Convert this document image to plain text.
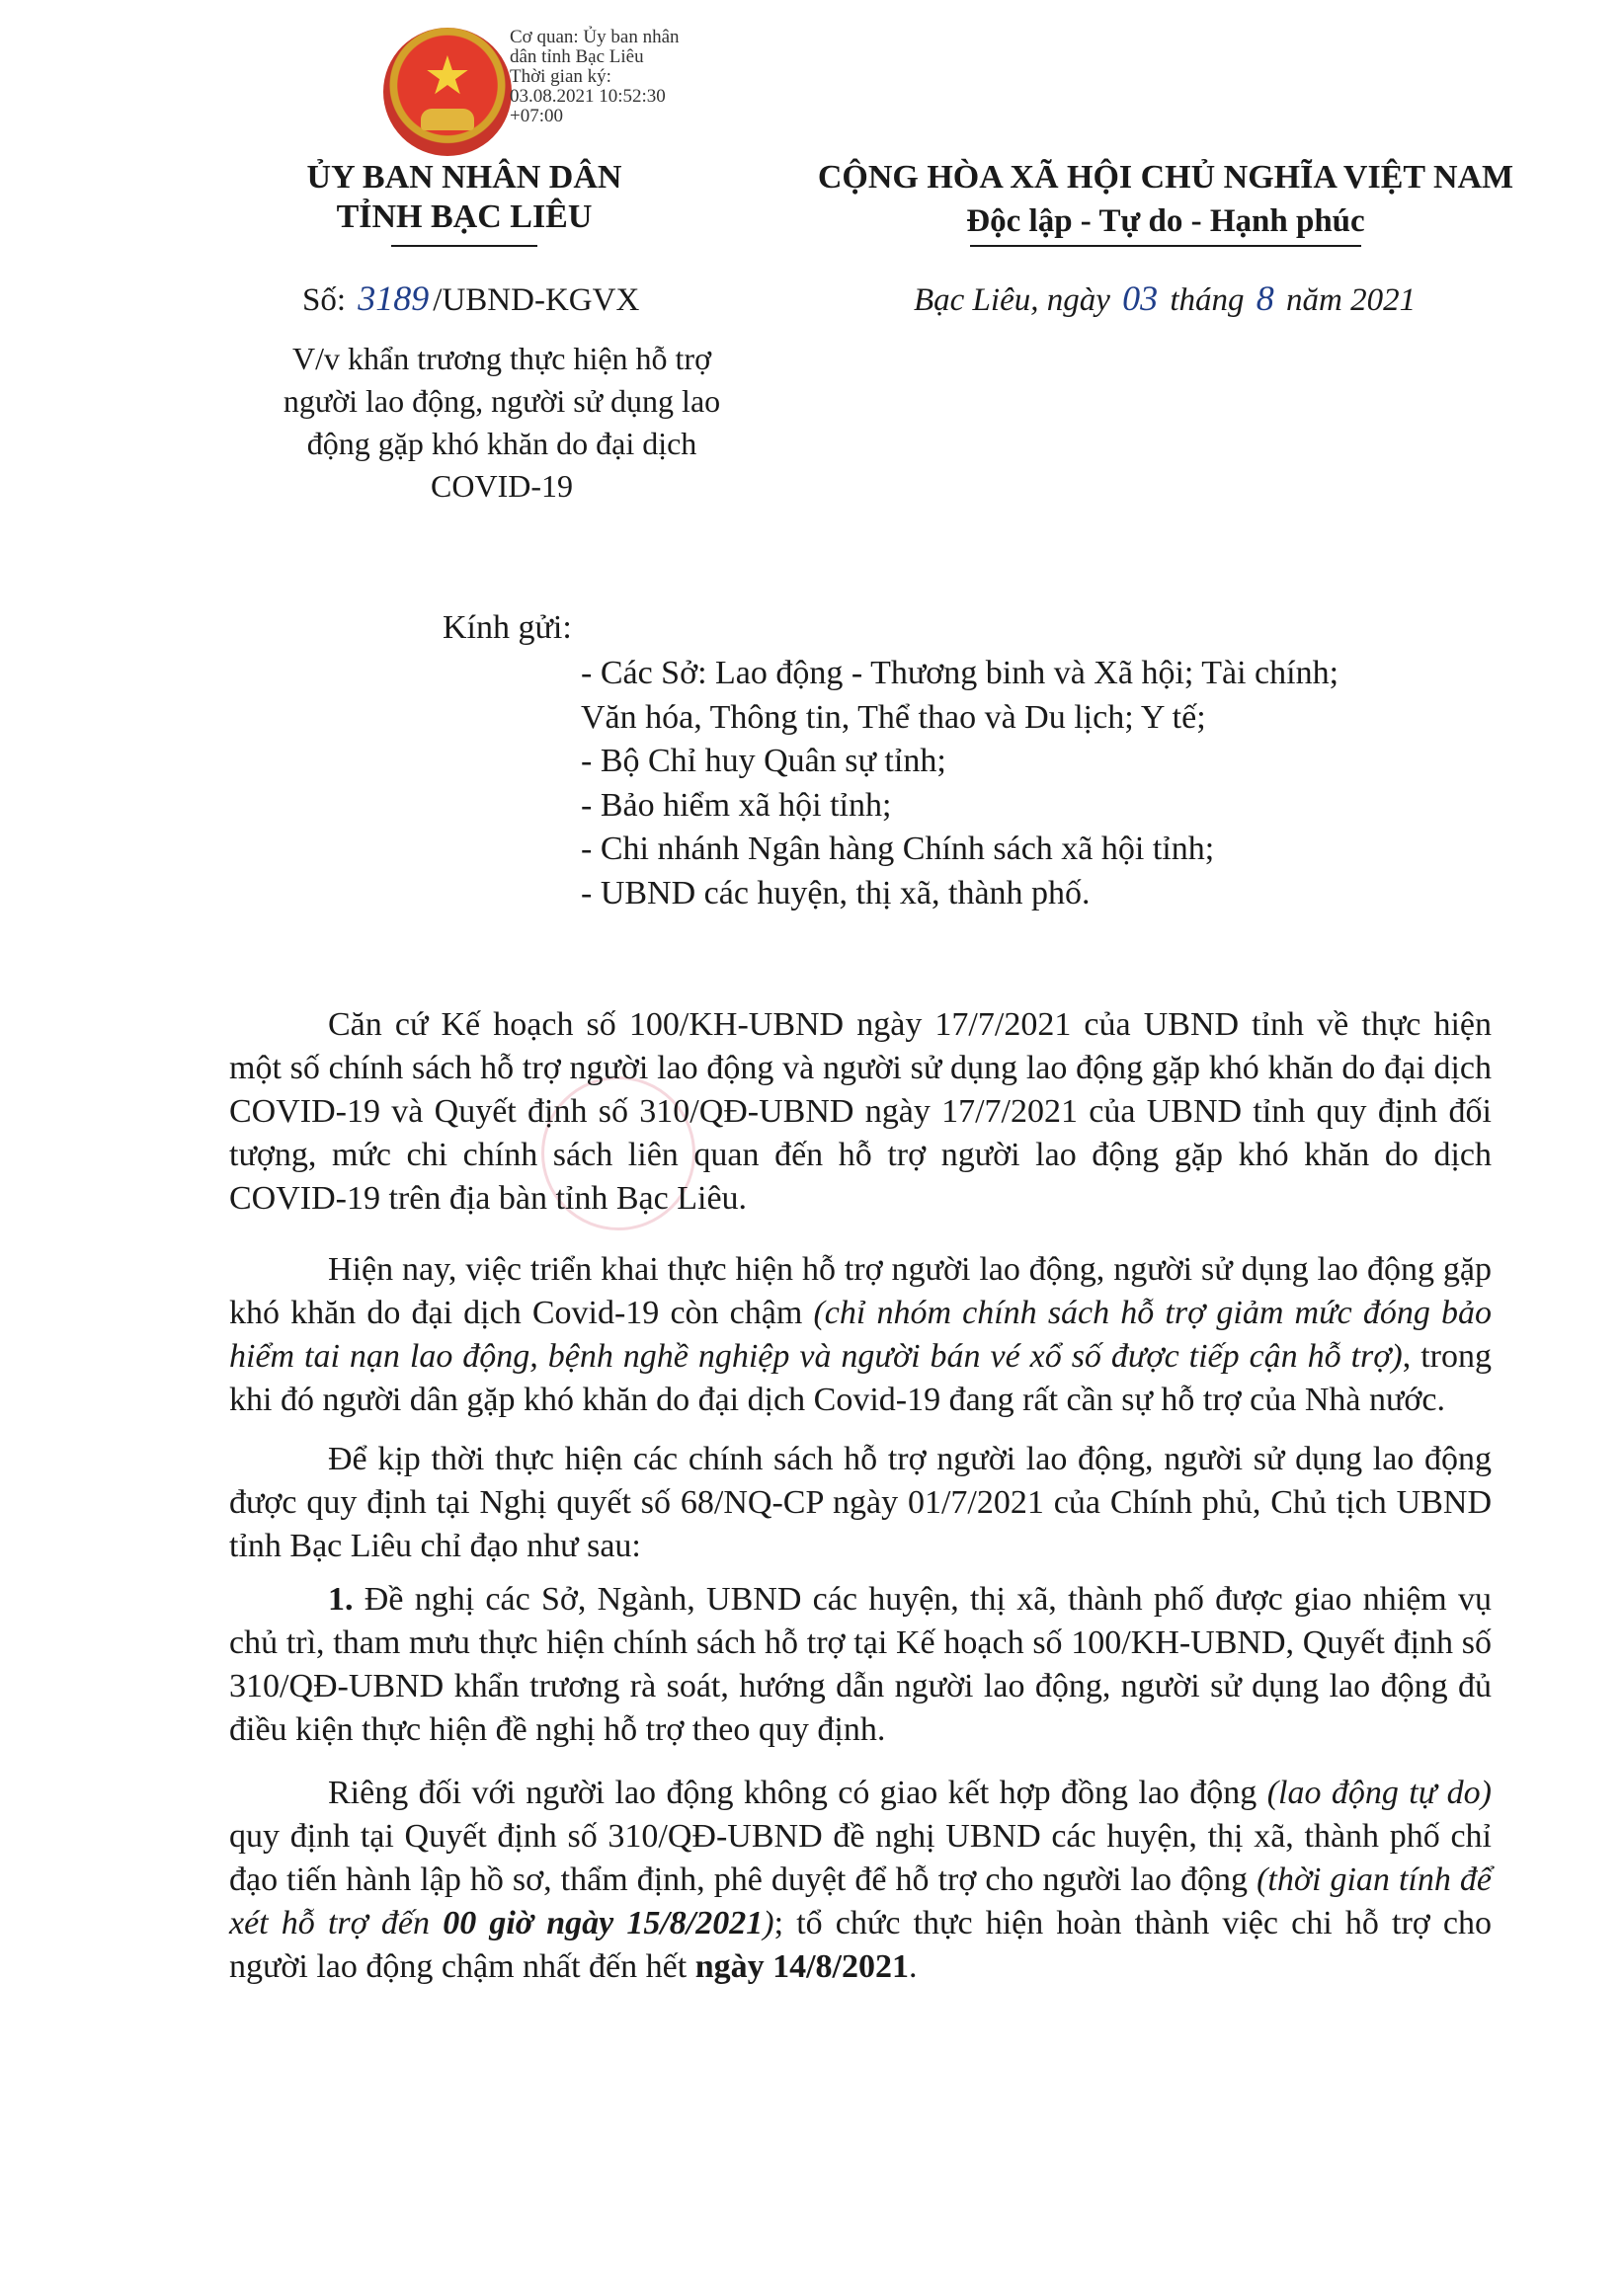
★
Cơ quan: Ủy ban nhân
dân tỉnh Bạc Liêu
Thời gian ký:
03.08.2021 10:52:30
+07:00
ỦY BAN NHÂN DÂN
TỈNH BẠC LIÊU
CỘNG HÒA XÃ HỘI CHỦ NGHĨA VIỆT NAM
Độc lập - Tự do - Hạnh phúc
Số: 3189 /UBND-KGVX	Bạc Liêu, ngày 03 tháng 8 năm 2021
V/v khẩn trương thực hiện hỗ trợ
người lao động, người sử dụng lao
động gặp khó khăn do đại dịch
COVID-19
Kính gửi:
- Các Sở: Lao động - Thương binh và Xã hội; Tài chính;
Văn hóa, Thông tin, Thể thao và Du lịch; Y tế;
- Bộ Chỉ huy Quân sự tỉnh;
- Bảo hiểm xã hội tỉnh;
- Chi nhánh Ngân hàng Chính sách xã hội tỉnh;
- UBND các huyện, thị xã, thành phố.

Căn cứ Kế hoạch số 100/KH-UBND ngày 17/7/2021 của UBND tỉnh về thực hiện một số chính sách hỗ trợ người lao động và người sử dụng lao động gặp khó khăn do đại dịch COVID-19 và Quyết định số 310/QĐ-UBND ngày 17/7/2021 của UBND tỉnh quy định đối tượng, mức chi chính sách liên quan đến hỗ trợ người lao động gặp khó khăn do dịch COVID-19 trên địa bàn tỉnh Bạc Liêu.

Hiện nay, việc triển khai thực hiện hỗ trợ người lao động, người sử dụng lao động gặp khó khăn do đại dịch Covid-19 còn chậm (chỉ nhóm chính sách hỗ trợ giảm mức đóng bảo hiểm tai nạn lao động, bệnh nghề nghiệp và người bán vé xổ số được tiếp cận hỗ trợ), trong khi đó người dân gặp khó khăn do đại dịch Covid-19 đang rất cần sự hỗ trợ của Nhà nước.

Để kịp thời thực hiện các chính sách hỗ trợ người lao động, người sử dụng lao động được quy định tại Nghị quyết số 68/NQ-CP ngày 01/7/2021 của Chính phủ, Chủ tịch UBND tỉnh Bạc Liêu chỉ đạo như sau:

1. Đề nghị các Sở, Ngành, UBND các huyện, thị xã, thành phố được giao nhiệm vụ chủ trì, tham mưu thực hiện chính sách hỗ trợ tại Kế hoạch số 100/KH-UBND, Quyết định số 310/QĐ-UBND khẩn trương rà soát, hướng dẫn người lao động, người sử dụng lao động đủ điều kiện thực hiện đề nghị hỗ trợ theo quy định.

Riêng đối với người lao động không có giao kết hợp đồng lao động (lao động tự do) quy định tại Quyết định số 310/QĐ-UBND đề nghị UBND các huyện, thị xã, thành phố chỉ đạo tiến hành lập hồ sơ, thẩm định, phê duyệt để hỗ trợ cho người lao động (thời gian tính để xét hỗ trợ đến 00 giờ ngày 15/8/2021); tổ chức thực hiện hoàn thành việc chi hỗ trợ cho người lao động chậm nhất đến hết ngày 14/8/2021.
